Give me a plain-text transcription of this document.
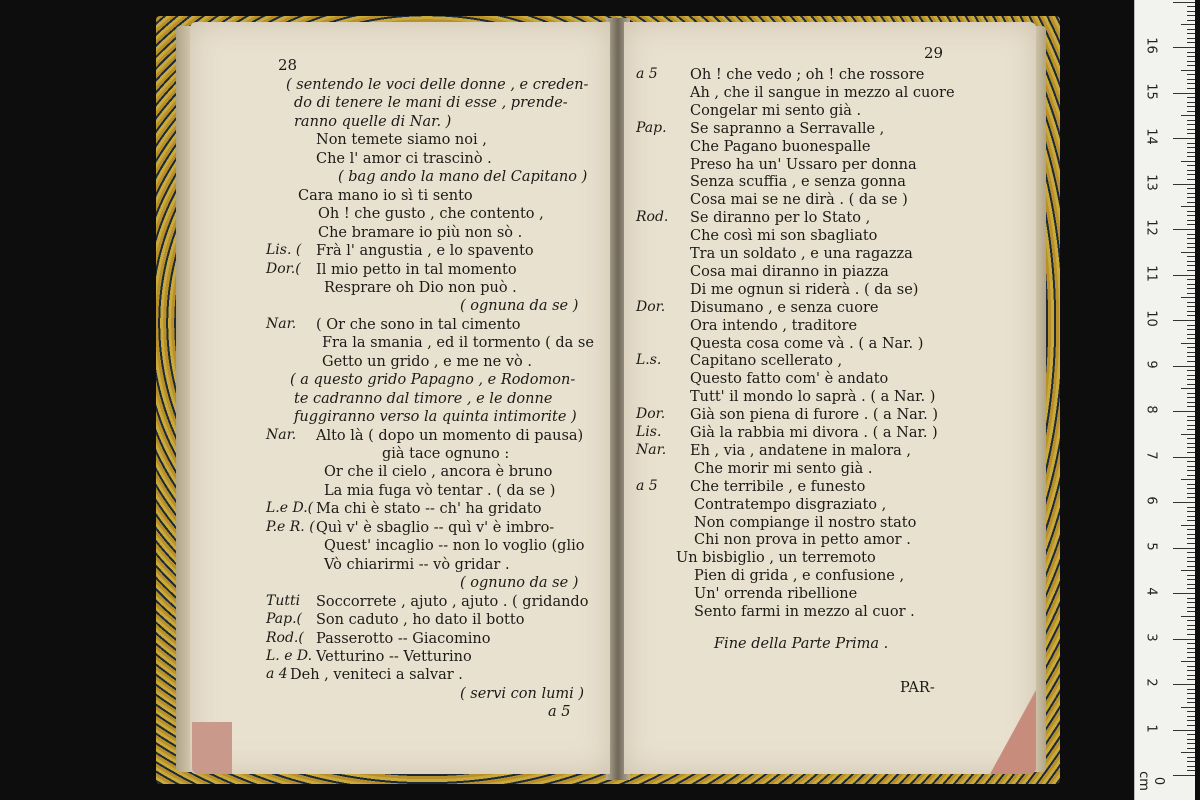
28
( sentendo le voci delle donne , e creden-
do di tenere le mani di esse , prende-
ranno quelle di Nar. )
Non temete siamo noi ,
Che l' amor ci trascinò .
( bag ando la mano del Capitano )
Cara mano io sì ti sento
Oh ! che gusto , che contento ,
Che bramare io più non sò .
Lis. ( Frà l' angustia , e lo spavento
Dor.( Il mio petto in tal momento
Resprare oh Dio non può .
( ognuna da se )
Nar. ( Or che sono in tal cimento
Fra la smania , ed il tormento ( da se
Getto un grido , e me ne vò .
( a questo grido Papagno , e Rodomon-
te cadranno dal timore , e le donne
fuggiranno verso la quinta intimorite )
Nar. Alto là ( dopo un momento di pausa)
già tace ognuno :
Or che il cielo , ancora è bruno
La mia fuga vò tentar . ( da se )
L.e D.( Ma chi è stato -- ch' ha gridato
P.e R. ( Quì v' è sbaglio -- quì v' è imbro-
Quest' incaglio -- non lo voglio (glio
Vò chiarirmi -- vò gridar .
( ognuno da se )
Tutti Soccorrete , ajuto , ajuto . ( gridando
Pap.( Son caduto , ho dato il botto
Rod.( Passerotto -- Giacomino
L. e D. Vetturino -- Vetturino
a 4 Deh , veniteci a salvar .
( servi con lumi )
a 5
29
a 5 Oh ! che vedo ; oh ! che rossore
Ah , che il sangue in mezzo al cuore
Congelar mi sento già .
Pap. Se sapranno a Serravalle ,
Che Pagano buonespalle
Preso ha un' Ussaro per donna
Senza scuffia , e senza gonna
Cosa mai se ne dirà . ( da se )
Rod. Se diranno per lo Stato ,
Che così mi son sbagliato
Tra un soldato , e una ragazza
Cosa mai diranno in piazza
Di me ognun si riderà . ( da se)
Dor. Disumano , e senza cuore
Ora intendo , traditore
Questa cosa come và . ( a Nar. )
L.s. Capitano scellerato ,
Questo fatto com' è andato
Tutt' il mondo lo saprà . ( a Nar. )
Dor. Già son piena di furore . ( a Nar. )
Lis. Già la rabbia mi divora . ( a Nar. )
Nar. Eh , via , andatene in malora ,
Che morir mi sento già .
a 5 Che terribile , e funesto
Contratempo disgraziato ,
Non compiange il nostro stato
Chi non prova in petto amor .
Un bisbiglio , un terremoto
Pien di grida , e confusione ,
Un' orrenda ribellione
Sento farmi in mezzo al cuor .
Fine della Parte Prima .
PAR-
16
15
14
13
12
11
10
9
8
7
6
5
4
3
2
1
0 cm
